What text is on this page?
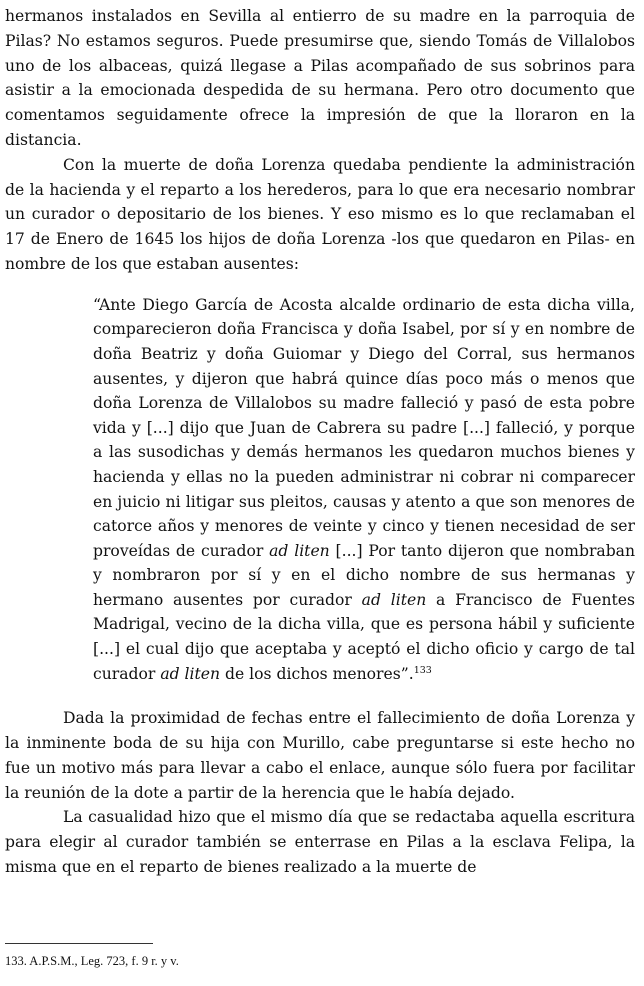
hermanos instalados en Sevilla al entierro de su madre en la parroquia de Pilas? No estamos seguros. Puede presumirse que, siendo Tomás de Villalobos uno de los albaceas, quizá llegase a Pilas acompañado de sus sobrinos para asistir a la emocionada despedida de su hermana. Pero otro documento que comentamos seguidamente ofrece la impresión de que la lloraron en la distancia.

Con la muerte de doña Lorenza quedaba pendiente la administración de la hacienda y el reparto a los herederos, para lo que era necesario nombrar un curador o depositario de los bienes. Y eso mismo es lo que reclamaban el 17 de Enero de 1645 los hijos de doña Lorenza -los que quedaron en Pilas- en nombre de los que estaban ausentes:

“Ante Diego García de Acosta alcalde ordinario de esta dicha villa, comparecieron doña Francisca y doña Isabel, por sí y en nombre de doña Beatriz y doña Guiomar y Diego del Corral, sus hermanos ausentes, y dijeron que habrá quince días poco más o menos que doña Lorenza de Villalobos su madre falleció y pasó de esta pobre vida y [...] dijo que Juan de Cabrera su padre [...] falleció, y porque a las susodichas y demás hermanos les quedaron muchos bienes y hacienda y ellas no la pueden administrar ni cobrar ni comparecer en juicio ni litigar sus pleitos, causas y atento a que son menores de catorce años y menores de veinte y cinco y tienen necesidad de ser proveídas de curador ad liten [...] Por tanto dijeron que nombraban y nombraron por sí y en el dicho nombre de sus hermanas y hermano ausentes por curador ad liten a Francisco de Fuentes Madrigal, vecino de la dicha villa, que es persona hábil y suficiente [...] el cual dijo que aceptaba y aceptó el dicho oficio y cargo de tal curador ad liten de los dichos menores”.$^{133}$

Dada la proximidad de fechas entre el fallecimiento de doña Lorenza y la inminente boda de su hija con Murillo, cabe preguntarse si este hecho no fue un motivo más para llevar a cabo el enlace, aunque sólo fuera por facilitar la reunión de la dote a partir de la herencia que le había dejado.

La casualidad hizo que el mismo día que se redactaba aquella escritura para elegir al curador también se enterrase en Pilas a la esclava Felipa, la misma que en el reparto de bienes realizado a la muerte de

133. A.P.S.M., Leg. 723, f. 9 r. y v.
